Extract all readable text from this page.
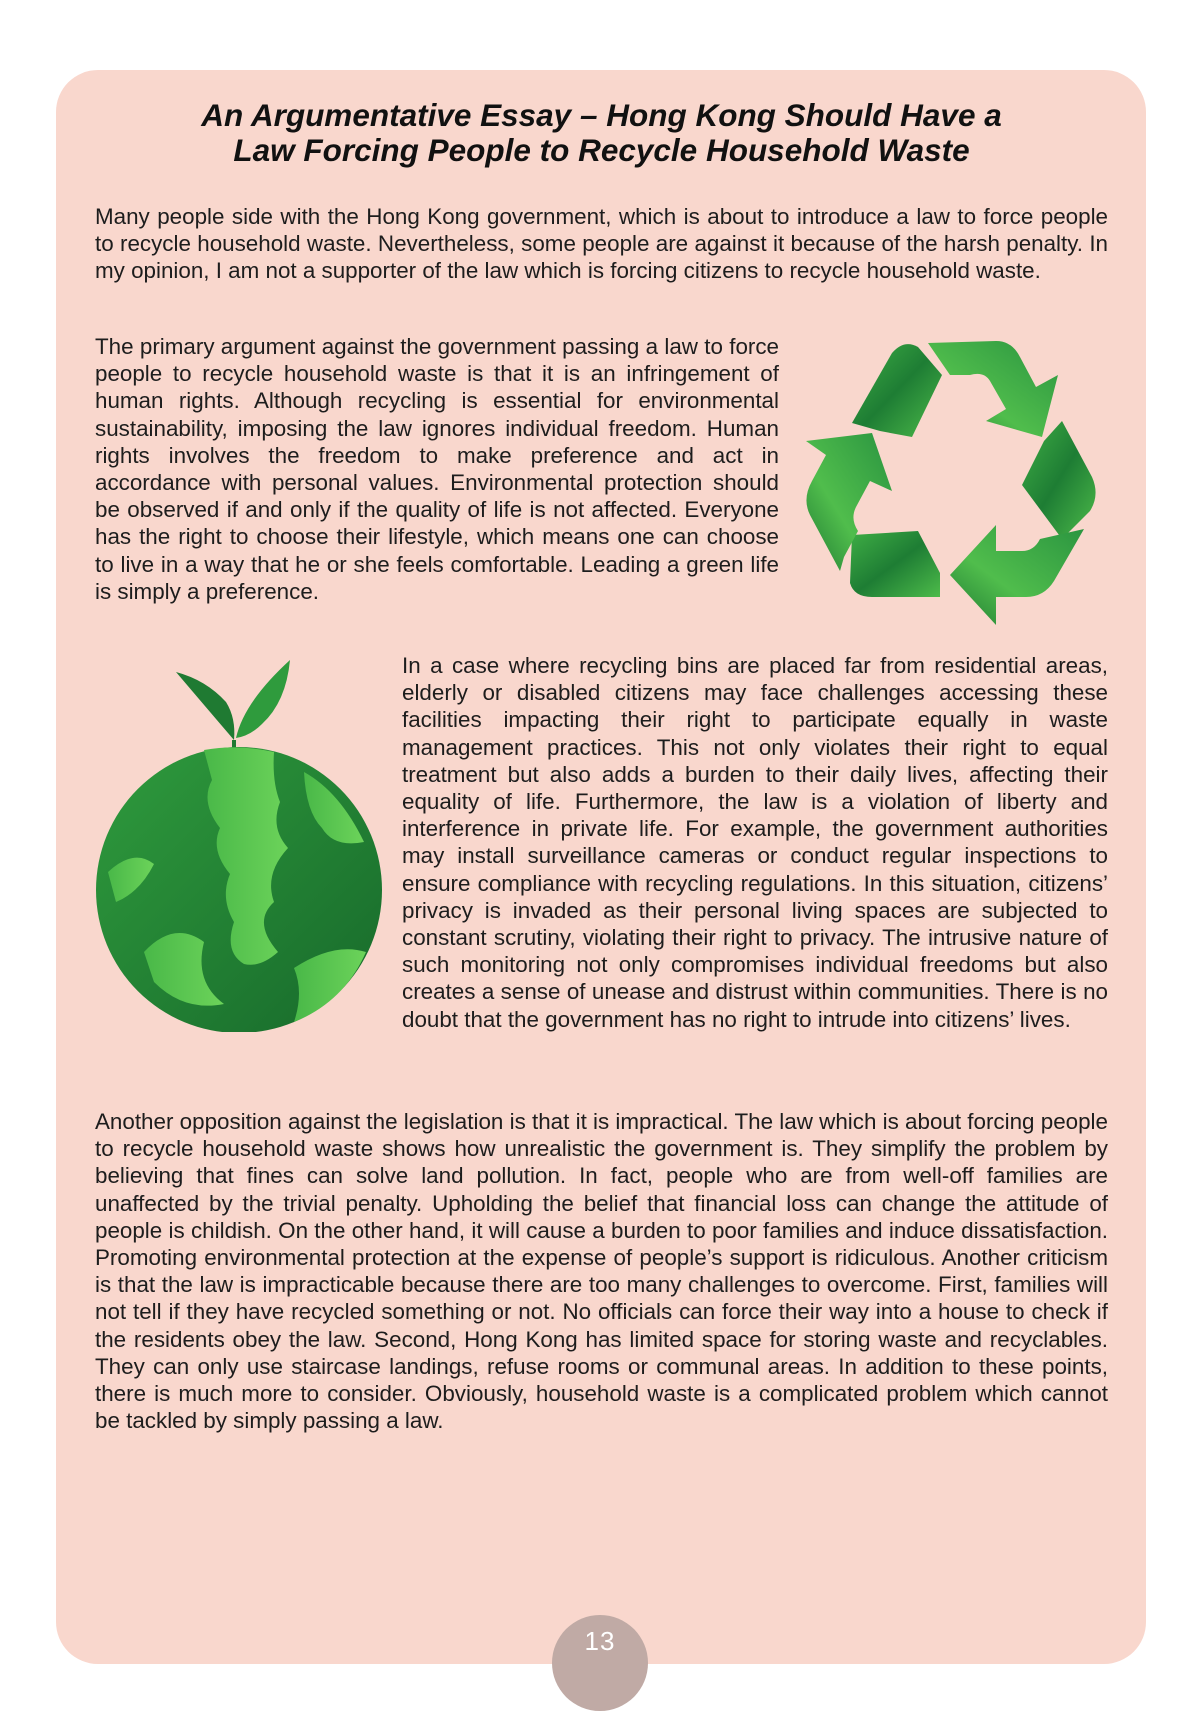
An Argumentative Essay – Hong Kong Should Have a
Law Forcing People to Recycle Household Waste

Many people side with the Hong Kong government, which is about to introduce a law to force people to recycle household waste. Nevertheless, some people are against it because of the harsh penalty. In my opinion, I am not a supporter of the law which is forcing citizens to recycle household waste.

The primary argument against the government passing a law to force people to recycle household waste is that it is an infringement of human rights. Although recycling is essential for environmental sustainability, imposing the law ignores individual freedom. Human rights involves the freedom to make preference and act in accordance with personal values. Environmental protection should be observed if and only if the quality of life is not affected. Everyone has the right to choose their lifestyle, which means one can choose to live in a way that he or she feels comfortable. Leading a green life is simply a preference.

In a case where recycling bins are placed far from residential areas, elderly or disabled citizens may face challenges accessing these facilities impacting their right to participate equally in waste management practices. This not only violates their right to equal treatment but also adds a burden to their daily lives, affecting their equality of life. Furthermore, the law is a violation of liberty and interference in private life. For example, the government authorities may install surveillance cameras or conduct regular inspections to ensure compliance with recycling regulations. In this situation, citizens’ privacy is invaded as their personal living spaces are subjected to constant scrutiny, violating their right to privacy. The intrusive nature of such monitoring not only compromises individual freedoms but also creates a sense of unease and distrust within communities. There is no doubt that the government has no right to intrude into citizens’ lives.

Another opposition against the legislation is that it is impractical. The law which is about forcing people to recycle household waste shows how unrealistic the government is. They simplify the problem by believing that fines can solve land pollution. In fact, people who are from well-off families are unaffected by the trivial penalty. Upholding the belief that financial loss can change the attitude of people is childish. On the other hand, it will cause a burden to poor families and induce dissatisfaction. Promoting environmental protection at the expense of people’s support is ridiculous. Another criticism is that the law is impracticable because there are too many challenges to overcome. First, families will not tell if they have recycled something or not. No officials can force their way into a house to check if the residents obey the law. Second, Hong Kong has limited space for storing waste and recyclables. They can only use staircase landings, refuse rooms or communal areas. In addition to these points, there is much more to consider. Obviously, household waste is a complicated problem which cannot be tackled by simply passing a law.

13
